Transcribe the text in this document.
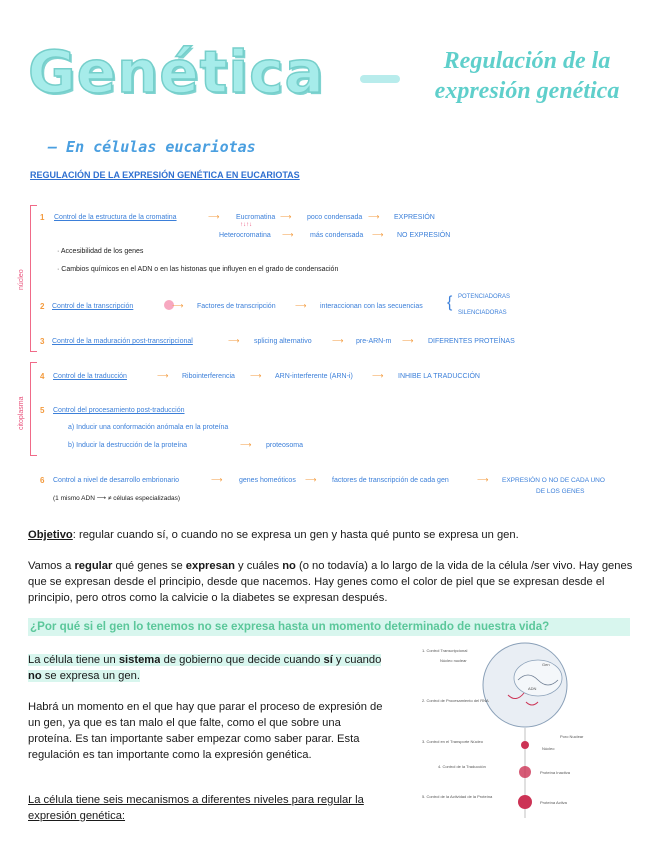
Genética	Regulación de la
expresión genética
— En células eucariotas
REGULACIÓN DE LA EXPRESIÓN GENÉTICA EN EUCARIOTAS
núcleo
citoplasma
1 Control de la estructura de la cromatina	⟶ Eucromatina ⟶ poco condensada ⟶ EXPRESIÓN
↑↓↑↓
Heterocromatina ⟶ más condensada ⟶ NO EXPRESIÓN
· Accesibilidad de los genes
· Cambios químicos en el ADN o en las histonas que influyen en el grado de condensación
2 Control de la transcripción	⟶ Factores de transcripción ⟶ interaccionan con las secuencias { POTENCIADORAS
SILENCIADORAS
3 Control de la maduración post-transcripcional	⟶ splicing alternativo	⟶ pre-ARN-m ⟶ DIFERENTES PROTEÍNAS
4 Control de la traducción	⟶ Ribointerferencia ⟶ ARN-interferente (ARN-i) ⟶ INHIBE LA TRADUCCIÓN
5 Control del procesamiento post-traducción
a) Inducir una conformación anómala en la proteína
b) Inducir la destrucción de la proteína	⟶ proteosoma
6 Control a nivel de desarrollo embrionario	⟶ genes homeóticos ⟶ factores de transcripción de cada gen	⟶ EXPRESIÓN O NO DE CADA UNO
DE LOS GENES
(1 mismo ADN ⟶ ≠ células especializadas)
Objetivo: regular cuando sí, o cuando no se expresa un gen y hasta qué punto se expresa un gen.
Vamos a regular qué genes se expresan y cuáles no (o no todavía) a lo largo de la vida de la célula /ser vivo. Hay genes que se expresan desde el principio, desde que nacemos. Hay genes como el color de piel que se expresan desde el principio, pero otros como la calvicie o la diabetes se expresan después.
¿Por qué si el gen lo tenemos no se expresa hasta un momento determinado de nuestra vida?
La célula tiene un sistema de gobierno que decide cuando sí y cuando no se expresa un gen.
Habrá un momento en el que hay que parar el proceso de expresión de un gen, ya que es tan malo el que falte, como el que sobre una proteína. Es tan importante saber empezar como saber parar. Esta regulación es tan importante como la expresión genética.
La célula tiene seis mecanismos a diferentes niveles para regular la expresión genética:
1. Control Transcripcional
Núcleo nuclear
2. Control de Procesamiento del RNA
3. Control en el Transporte Núcleo
Poro Nuclear
Núcleo
4. Control de la Traducción
Proteína Inactiva
5. Control de la Actividad de la Proteína
Proteína Activa
Gen
ADN
